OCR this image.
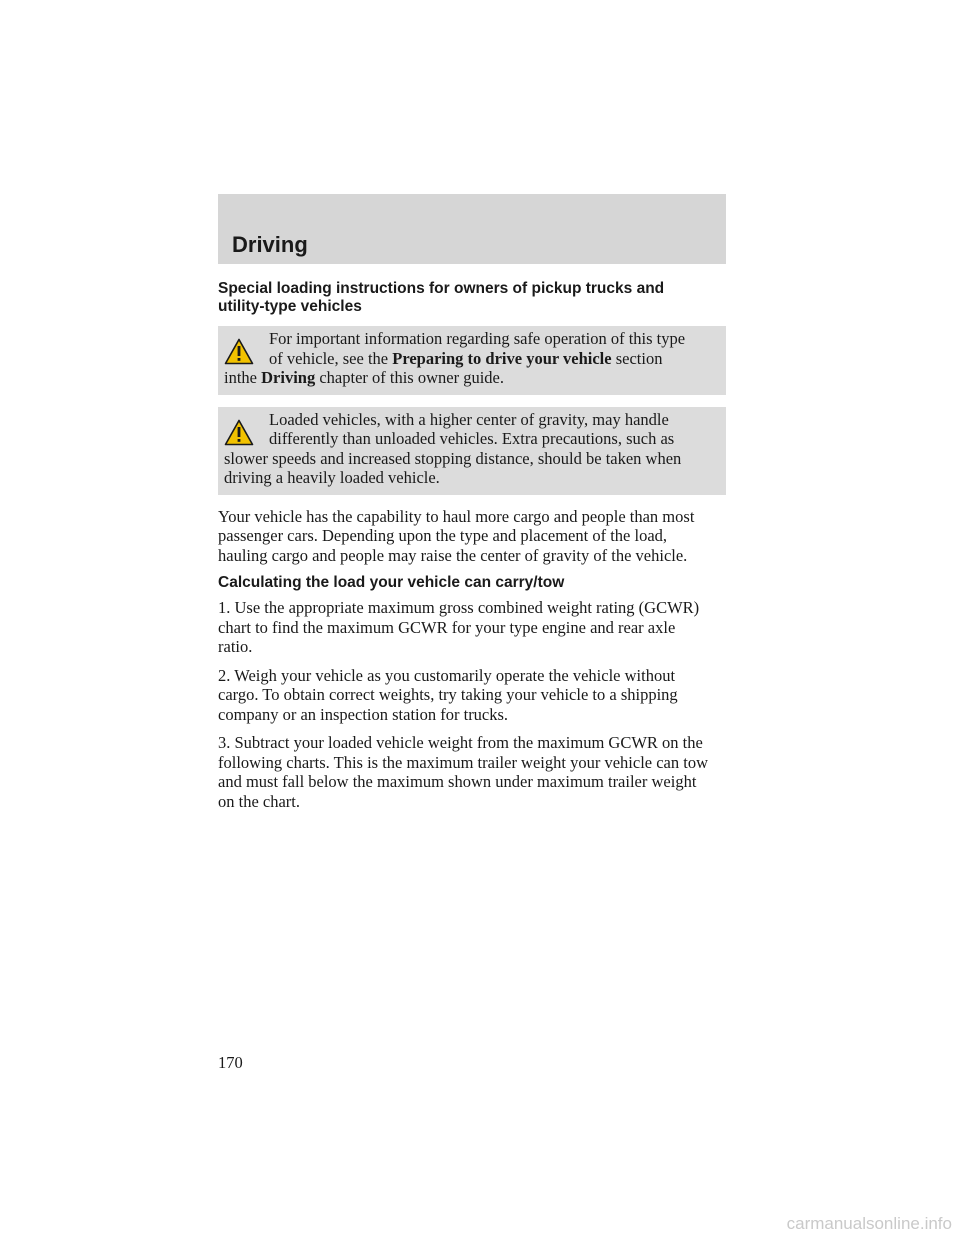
Driving
Special loading instructions for owners of pickup trucks and
utility-type vehicles

For important information regarding safe operation of this type
of vehicle, see the Preparing to drive your vehicle section
inthe Driving chapter of this owner guide.

Loaded vehicles, with a higher center of gravity, may handle
differently than unloaded vehicles. Extra precautions, such as
slower speeds and increased stopping distance, should be taken when
driving a heavily loaded vehicle.

Your vehicle has the capability to haul more cargo and people than most
passenger cars. Depending upon the type and placement of the load,
hauling cargo and people may raise the center of gravity of the vehicle.

Calculating the load your vehicle can carry/tow

1. Use the appropriate maximum gross combined weight rating (GCWR)
chart to find the maximum GCWR for your type engine and rear axle
ratio.

2. Weigh your vehicle as you customarily operate the vehicle without
cargo. To obtain correct weights, try taking your vehicle to a shipping
company or an inspection station for trucks.

3. Subtract your loaded vehicle weight from the maximum GCWR on the
following charts. This is the maximum trailer weight your vehicle can tow
and must fall below the maximum shown under maximum trailer weight
on the chart.

170
carmanualsonline.info
